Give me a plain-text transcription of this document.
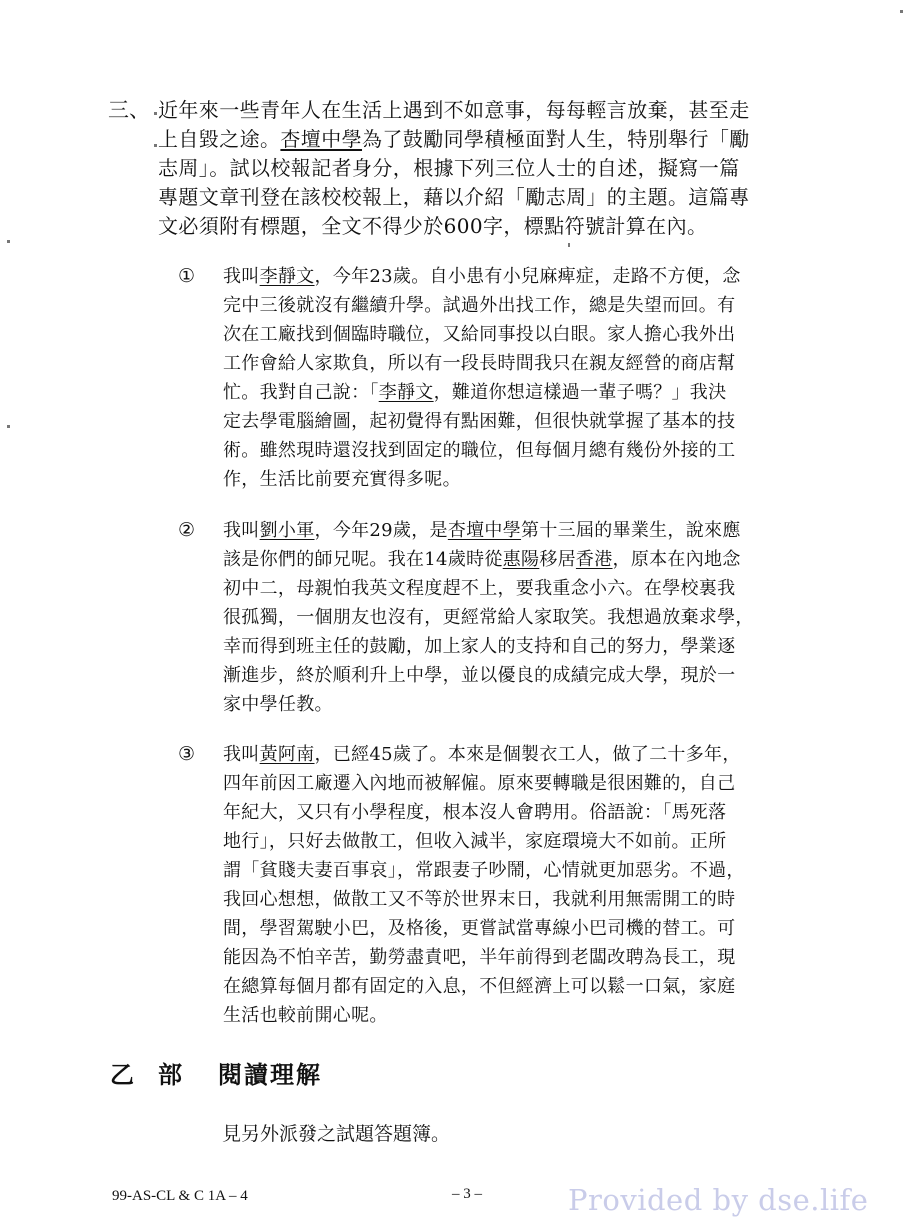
三、 近年來一些青年人在生活上遇到不如意事，每每輕言放棄，甚至走
上自毀之途。杏壇中學為了鼓勵同學積極面對人生，特別舉行「勵
志周」。試以校報記者身分，根據下列三位人士的自述，擬寫一篇
專題文章刊登在該校校報上，藉以介紹「勵志周」的主題。這篇專
文必須附有標題，全文不得少於600字，標點符號計算在內。
① 我叫李靜文，今年23歲。自小患有小兒麻痺症，走路不方便，念
完中三後就沒有繼續升學。試過外出找工作，總是失望而回。有
次在工廠找到個臨時職位，又給同事投以白眼。家人擔心我外出
工作會給人家欺負，所以有一段長時間我只在親友經營的商店幫
忙。我對自己說：「李靜文，難道你想這樣過一輩子嗎？」我決
定去學電腦繪圖，起初覺得有點困難，但很快就掌握了基本的技
術。雖然現時還沒找到固定的職位，但每個月總有幾份外接的工
作，生活比前要充實得多呢。
② 我叫劉小軍，今年29歲，是杏壇中學第十三屆的畢業生，說來應
該是你們的師兄呢。我在14歲時從惠陽移居香港，原本在內地念
初中二，母親怕我英文程度趕不上，要我重念小六。在學校裏我
很孤獨，一個朋友也沒有，更經常給人家取笑。我想過放棄求學，
幸而得到班主任的鼓勵，加上家人的支持和自己的努力，學業逐
漸進步，終於順利升上中學，並以優良的成績完成大學，現於一
家中學任教。
③ 我叫黃阿南，已經45歲了。本來是個製衣工人，做了二十多年，
四年前因工廠遷入內地而被解僱。原來要轉職是很困難的，自己
年紀大，又只有小學程度，根本沒人會聘用。俗語說：「馬死落
地行」，只好去做散工，但收入減半，家庭環境大不如前。正所
謂「貧賤夫妻百事哀」，常跟妻子吵鬧，心情就更加惡劣。不過，
我回心想想，做散工又不等於世界末日，我就利用無需開工的時
間，學習駕駛小巴，及格後，更嘗試當專線小巴司機的替工。可
能因為不怕辛苦，勤勞盡責吧，半年前得到老闆改聘為長工，現
在總算每個月都有固定的入息，不但經濟上可以鬆一口氣，家庭
生活也較前開心呢。
乙 部 閱讀理解
見另外派發之試題答題簿。
99-AS-CL & C 1A – 4	– 3 –	Provided by dse.life
